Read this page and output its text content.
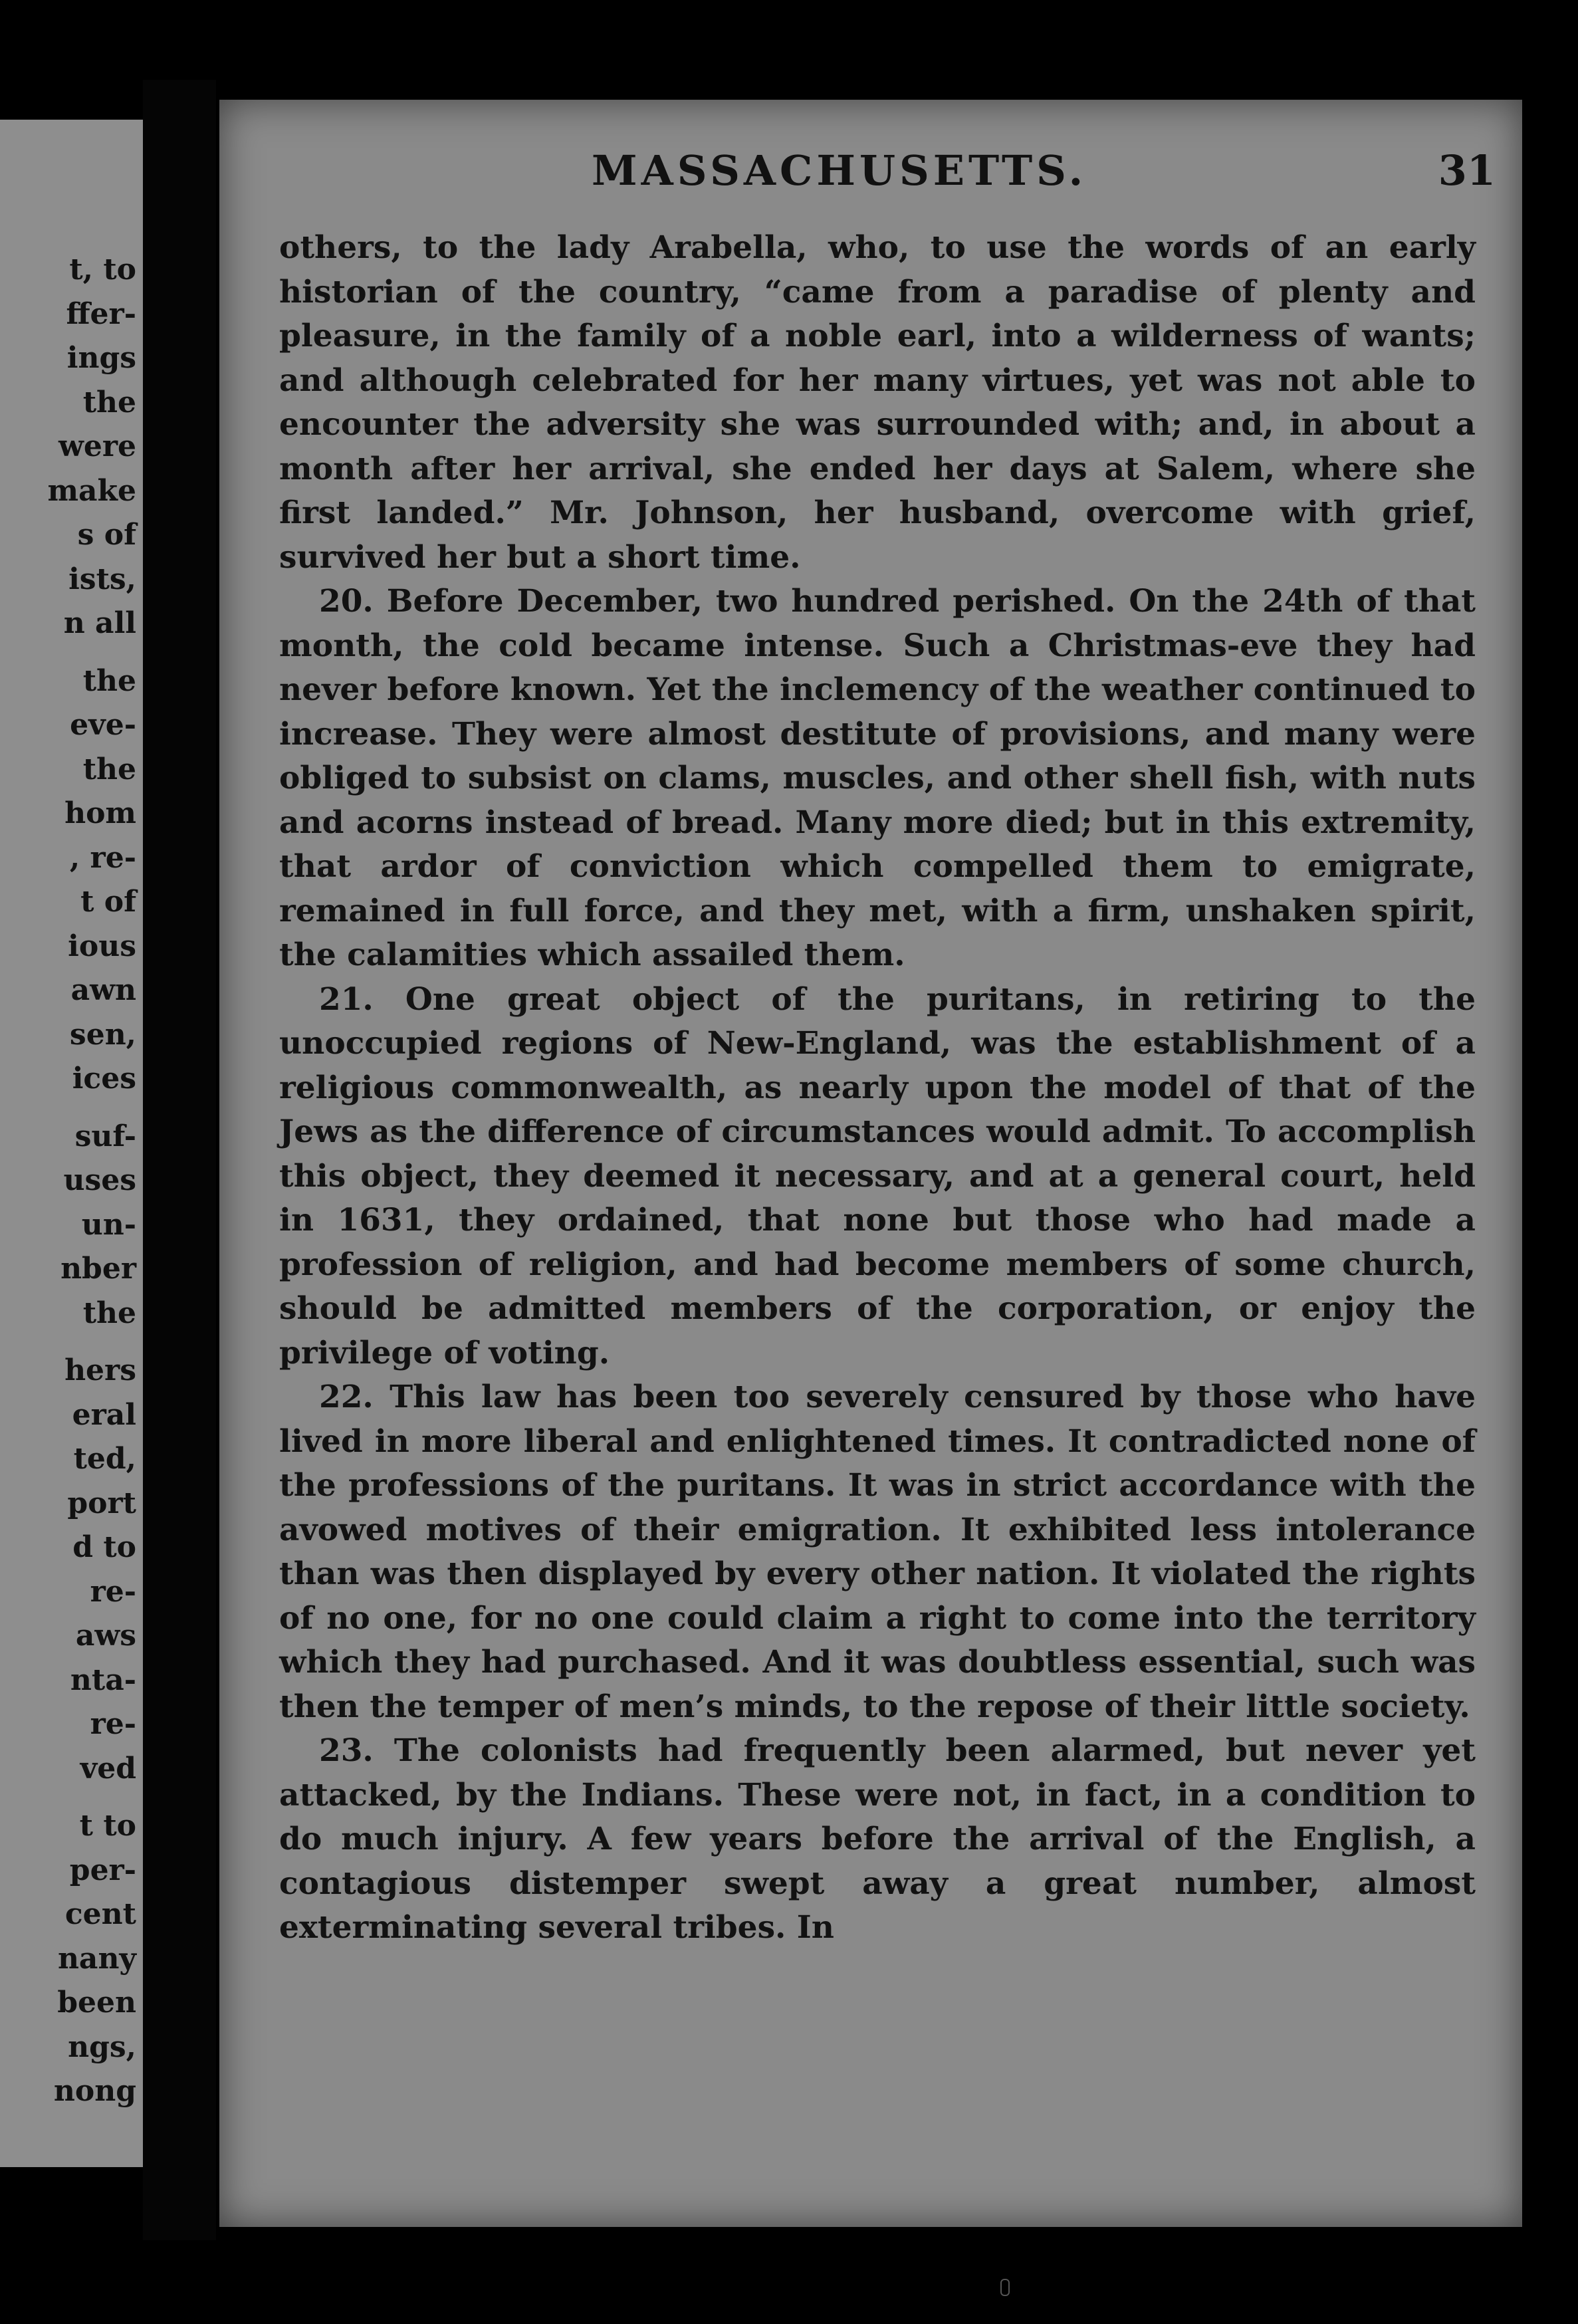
t, to
ffer-
ings
the
were
make
s of
ists,
n all
the
eve-
the
hom
, re-
t of
ious
awn
sen,
ices
suf-
uses
un-
nber
the
hers
eral
ted,
port
d to
re-
aws
nta-
re-
ved
t to
per-
cent
nany
been
ngs,
nong
MASSACHUSETTS.	31

others, to the lady Arabella, who, to use the words of an early historian of the country, “came from a paradise of plenty and pleasure, in the family of a noble earl, into a wilderness of wants; and although celebrated for her many virtues, yet was not able to encounter the adversity she was surrounded with; and, in about a month after her arrival, she ended her days at Salem, where she first landed.” Mr. Johnson, her husband, overcome with grief, survived her but a short time.

20. Before December, two hundred perished. On the 24th of that month, the cold became intense. Such a Christmas-eve they had never before known. Yet the inclemency of the weather continued to increase. They were almost destitute of provisions, and many were obliged to subsist on clams, muscles, and other shell fish, with nuts and acorns instead of bread. Many more died; but in this extremity, that ardor of conviction which compelled them to emigrate, remained in full force, and they met, with a firm, unshaken spirit, the calamities which assailed them.

21. One great object of the puritans, in retiring to the unoccupied regions of New-England, was the establishment of a religious commonwealth, as nearly upon the model of that of the Jews as the difference of circumstances would admit. To accomplish this object, they deemed it necessary, and at a general court, held in 1631, they ordained, that none but those who had made a profession of religion, and had become members of some church, should be admitted members of the corporation, or enjoy the privilege of voting.

22. This law has been too severely censured by those who have lived in more liberal and enlightened times. It contradicted none of the professions of the puritans. It was in strict accordance with the avowed motives of their emigration. It exhibited less intolerance than was then displayed by every other nation. It violated the rights of no one, for no one could claim a right to come into the territory which they had purchased. And it was doubtless essential, such was then the temper of men’s minds, to the repose of their little society.

23. The colonists had frequently been alarmed, but never yet attacked, by the Indians. These were not, in fact, in a condition to do much injury. A few years before the arrival of the English, a contagious distemper swept away a great number, almost exterminating several tribes. In
